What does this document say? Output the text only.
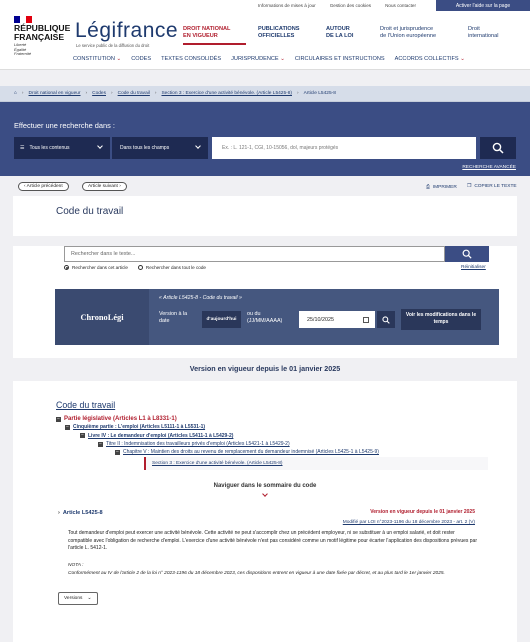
Informations de mises à jour	Gestion des cookies	Nous contacter	Activer l'aide sur la page
RÉPUBLIQUE
FRANÇAISE
Liberté
Égalité
Fraternité
Légifrance
Le service public de la diffusion du droit
DROIT NATIONAL
EN VIGUEUR
PUBLICATIONS
OFFICIELLES
AUTOUR
DE LA LOI
Droit et jurisprudence
de l'Union européenne
Droit
international
CONSTITUTION ⌄ CODES TEXTES CONSOLIDÉS JURISPRUDENCE ⌄ CIRCULAIRES ET INSTRUCTIONS ACCORDS COLLECTIFS ⌄
⌂ › Droit national en vigueur › Codes › Code du travail › Section 3 : Exercice d'une activité bénévole. (Article L5425-8) › Article L5425-8
Effectuer une recherche dans :
☰ Tous les contenus	Dans tous les champs	Ex. : L. 121-1, CGI, 10-15056, dol, majeurs protégés
RECHERCHE AVANCÉE
‹ Article précédent	Article suivant ›	⎙ IMPRIMER ❐ COPIER LE TEXTE
Code du travail
Rechercher dans le texte...
Rechercher dans cet article	Rechercher dans tout le code	Réinitialiser
ChronoLégi
« Article L5425-8 - Code du travail »
Version à la date	d'aujourd'hui
ou du (JJ/MM/AAAA)	25/10/2025
Voir les modifications dans le temps
Version en vigueur depuis le 01 janvier 2025
Code du travail
− Partie législative (Articles L1 à L8331-1)
− Cinquième partie : L'emploi (Articles L5111-1 à L5531-1)
− Livre IV : Le demandeur d'emploi (Articles L5411-1 à L5429-2)
− Titre II : Indemnisation des travailleurs privés d'emploi (Articles L5421-1 à L5429-2)
− Chapitre V : Maintien des droits au revenu de remplacement du demandeur indemnisé (Articles L5425-1 à L5425-9)
Section 3 : Exercice d'une activité bénévole. (Article L5425-8)
Naviguer dans le sommaire du code
› Article L5425-8	Version en vigueur depuis le 01 janvier 2025
Modifié par LOI n°2023-1196 du 18 décembre 2023 - art. 2 (V)
Tout demandeur d'emploi peut exercer une activité bénévole. Cette activité ne peut s'accomplir chez un précédent employeur, ni se substituer à un emploi salarié, et doit rester compatible avec l'obligation de recherche d'emploi. L'exercice d'une activité bénévole n'est pas considéré comme un motif légitime pour écarter l'application des dispositions prévues par l'article L. 5412-1.
NOTA :
Conformément au IV de l'article 2 de la loi n° 2023-1196 du 18 décembre 2023, ces dispositions entrent en vigueur à une date fixée par décret, et au plus tard le 1er janvier 2025.
Versions ⌄
